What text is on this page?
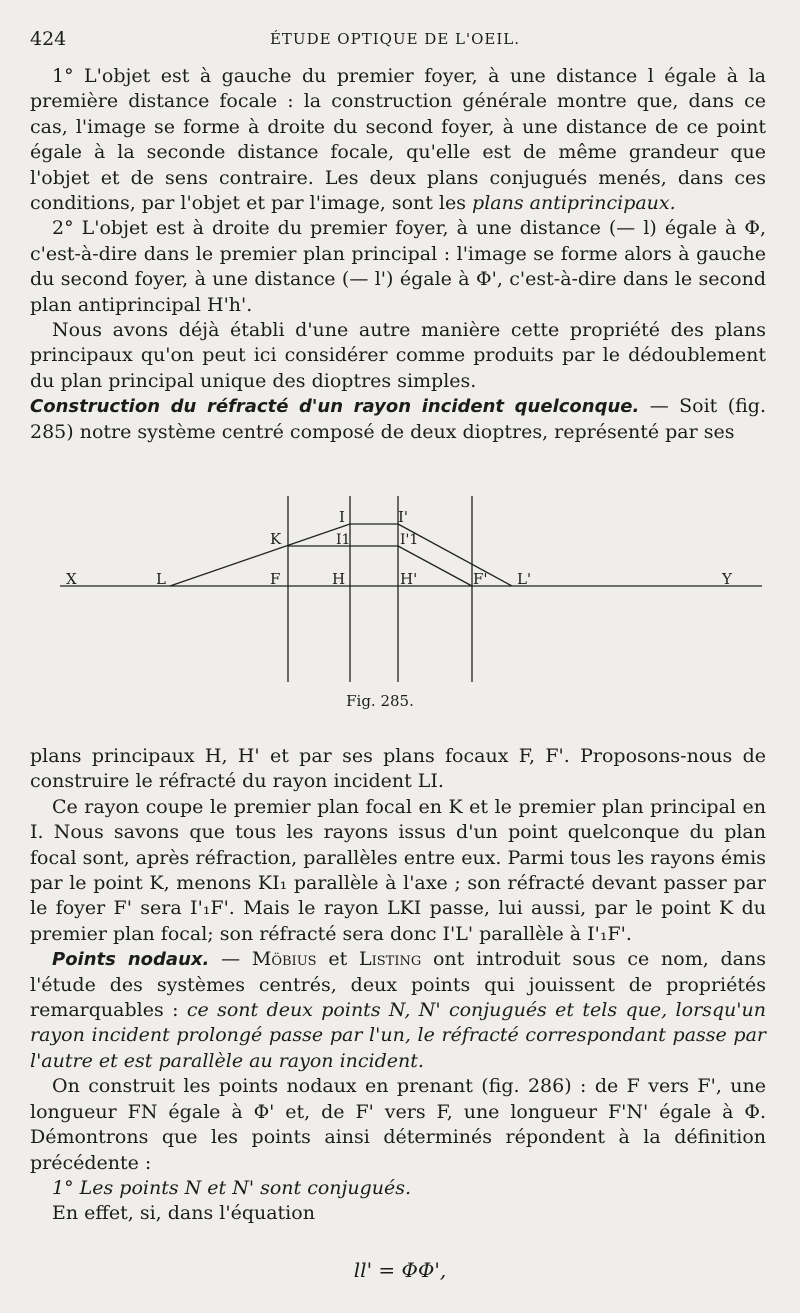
424	ÉTUDE OPTIQUE DE L'OEIL.

1° L'objet est à gauche du premier foyer, à une distance l égale à la première distance focale : la construction générale montre que, dans ce cas, l'image se forme à droite du second foyer, à une distance de ce point égale à la seconde distance focale, qu'elle est de même grandeur que l'objet et de sens contraire. Les deux plans conjugués menés, dans ces conditions, par l'objet et par l'image, sont les plans antiprincipaux.

2° L'objet est à droite du premier foyer, à une distance (— l) égale à Φ, c'est-à-dire dans le premier plan principal : l'image se forme alors à gauche du second foyer, à une distance (— l') égale à Φ', c'est-à-dire dans le second plan antiprincipal H'h'.

Nous avons déjà établi d'une autre manière cette propriété des plans principaux qu'on peut ici considérer comme produits par le dédoublement du plan principal unique des dioptres simples.

Construction du réfracté d'un rayon incident quelconque. — Soit (fig. 285) notre système centré composé de deux dioptres, représenté par ses

X	L	F	H	H'	F' L'	Y
K
I	I'
I1	I'1
Fig. 285.

plans principaux H, H' et par ses plans focaux F, F'. Proposons-nous de construire le réfracté du rayon incident LI.

Ce rayon coupe le premier plan focal en K et le premier plan principal en I. Nous savons que tous les rayons issus d'un point quelconque du plan focal sont, après réfraction, parallèles entre eux. Parmi tous les rayons émis par le point K, menons KI₁ parallèle à l'axe ; son réfracté devant passer par le foyer F' sera I'₁F'. Mais le rayon LKI passe, lui aussi, par le point K du premier plan focal; son réfracté sera donc I'L' parallèle à I'₁F'.

Points nodaux. — Möbius et Listing ont introduit sous ce nom, dans l'étude des systèmes centrés, deux points qui jouissent de propriétés remarquables : ce sont deux points N, N' conjugués et tels que, lorsqu'un rayon incident prolongé passe par l'un, le réfracté correspondant passe par l'autre et est parallèle au rayon incident.

On construit les points nodaux en prenant (fig. 286) : de F vers F', une longueur FN égale à Φ' et, de F' vers F, une longueur F'N' égale à Φ. Démontrons que les points ainsi déterminés répondent à la définition précédente :

1° Les points N et N' sont conjugués.

En effet, si, dans l'équation

ll' = ΦΦ',
